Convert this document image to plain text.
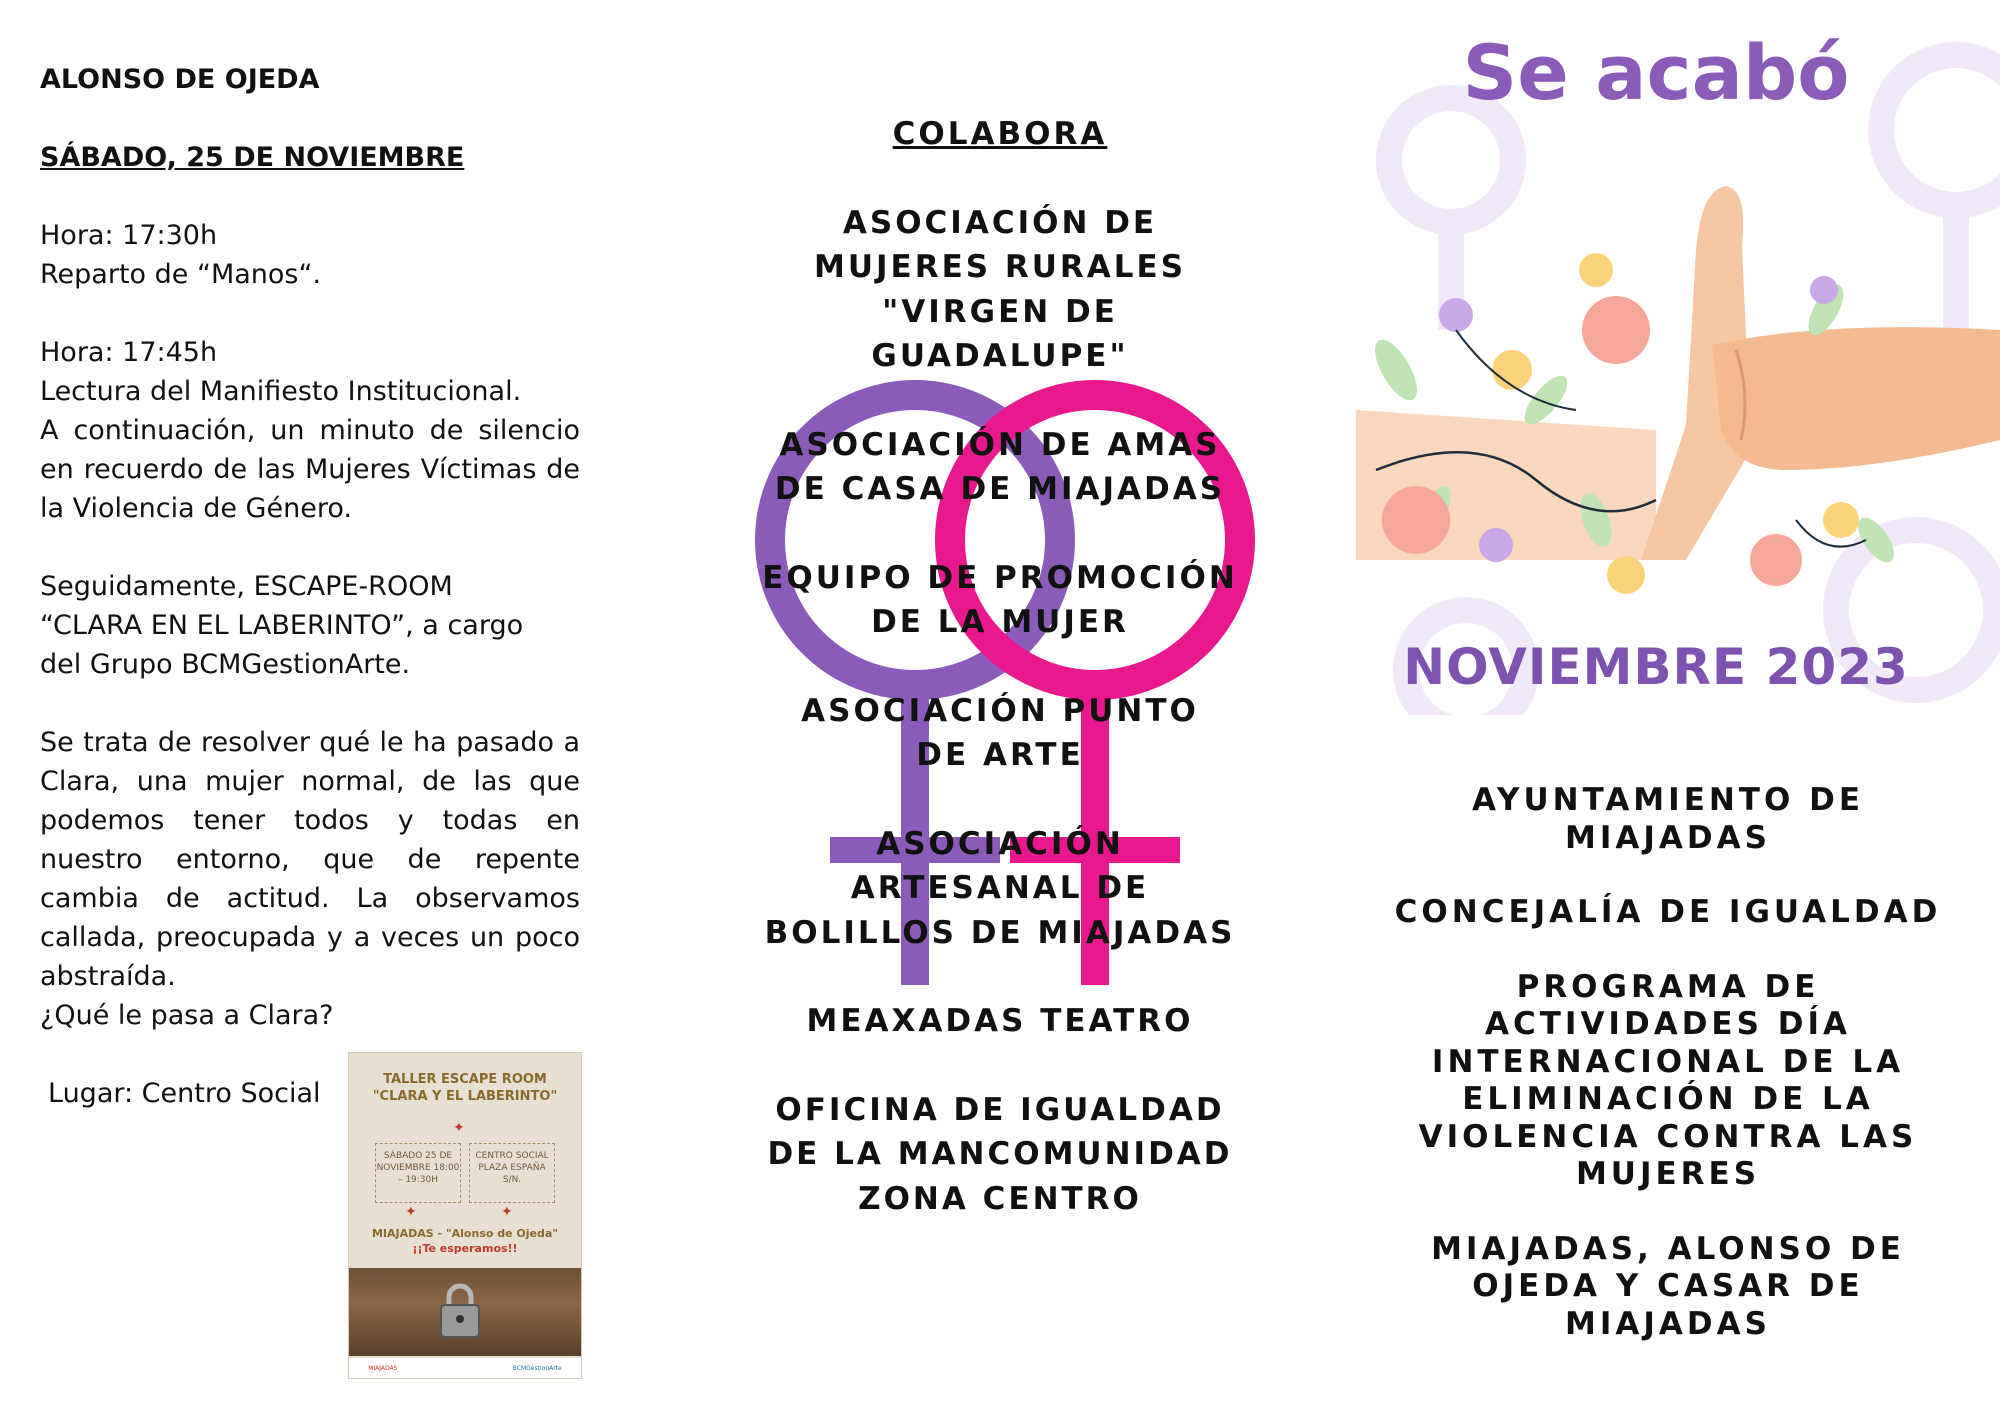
ALONSO DE OJEDA

SÁBADO, 25 DE NOVIEMBRE

Hora: 17:30h

Reparto de “Manos“.

Hora: 17:45h

Lectura del Manifiesto Institucional.

A continuación, un minuto de silencio en recuerdo de las Mujeres Víctimas de la Violencia de Género.

Seguidamente, ESCAPE-ROOM “CLARA EN EL LABERINTO”, a cargo del Grupo BCMGestionArte.

Se trata de resolver qué le ha pasado a Clara, una mujer normal, de las que podemos tener todos y todas en nuestro entorno, que de repente cambia de actitud. La observamos callada, preocupada y a veces un poco abstraída.

¿Qué le pasa a Clara?

Lugar: Centro Social	TALLER ESCAPE ROOM
"CLARA Y EL LABERINTO"
✦
SÁBADO 25 DE NOVIEMBRE 18:00 – 19:30H
CENTRO SOCIAL PLAZA ESPAÑA S/N.
✦	✦
MIAJADAS - "Alonso de Ojeda"
¡¡Te esperamos!!
MIAJADAS	BCMGestionArte

COLABORA

ASOCIACIÓN DE

MUJERES RURALES

"VIRGEN DE

GUADALUPE"

ASOCIACIÓN DE AMAS

DE CASA DE MIAJADAS

EQUIPO DE PROMOCIÓN

DE LA MUJER

ASOCIACIÓN PUNTO

DE ARTE

ASOCIACIÓN

ARTESANAL DE

BOLILLOS DE MIAJADAS

MEAXADAS TEATRO

OFICINA DE IGUALDAD

DE LA MANCOMUNIDAD

ZONA CENTRO

Se acabó
NOVIEMBRE 2023

AYUNTAMIENTO DE

MIAJADAS

CONCEJALÍA DE IGUALDAD

PROGRAMA DE

ACTIVIDADES DÍA

INTERNACIONAL DE LA

ELIMINACIÓN DE LA

VIOLENCIA CONTRA LAS

MUJERES

MIAJADAS, ALONSO DE

OJEDA Y CASAR DE

MIAJADAS
